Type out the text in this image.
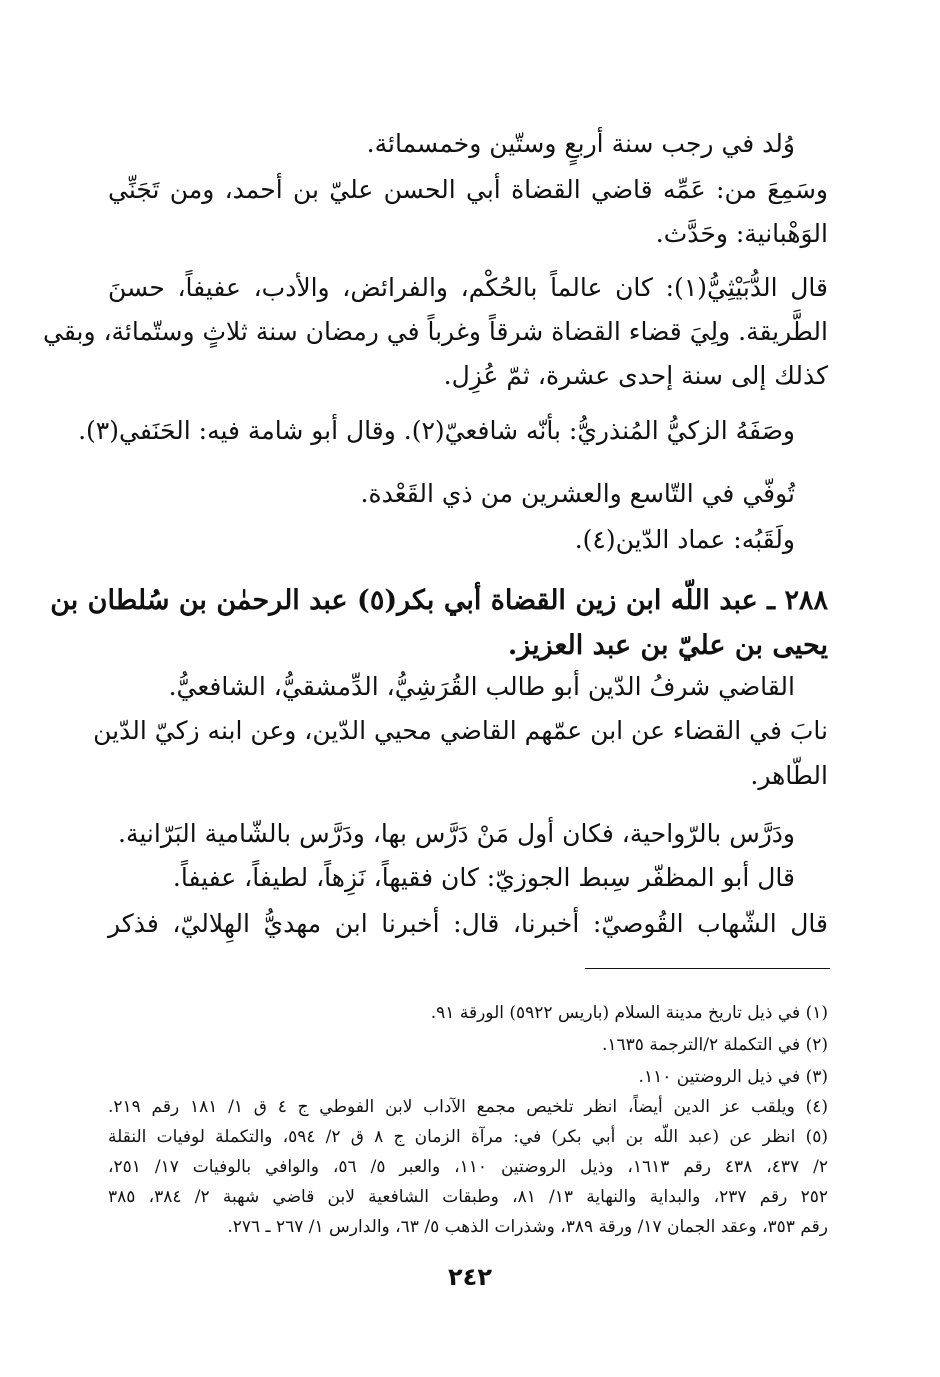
وُلد في رجب سنة أربعٍ وستّين وخمسمائة.
وسَمِعَ من: عَمِّه قاضي القضاة أبي الحسن عليّ بن أحمد، ومن تَجَنِّي
الوَهْبانية: وحَدَّث.
قال الدُّبَيْثِيُّ(١): كان عالماً بالحُكْم، والفرائض، والأدب، عفيفاً، حسنَ
الطَّريقة. ولِيَ قضاء القضاة شرقاً وغرباً في رمضان سنة ثلاثٍ وستّمائة، وبقي
كذلك إلى سنة إحدى عشرة، ثمّ عُزِل.
وصَفَهُ الزكيُّ المُنذريُّ: بأنّه شافعيّ(٢). وقال أبو شامة فيه: الحَنَفي(٣).
تُوفّي في التّاسع والعشرين من ذي القَعْدة.
ولَقَبُه: عماد الدّين(٤).
٢٨٨ ـ عبد اللّه ابن زين القضاة أبي بكر(٥) عبد الرحمٰن بن سُلطان بن
يحيى بن عليّ بن عبد العزيز.
القاضي شرفُ الدّين أبو طالب القُرَشِيُّ، الدِّمشقيُّ، الشافعيُّ.
نابَ في القضاء عن ابن عمّهم القاضي محيي الدّين، وعن ابنه زكيّ الدّين
الطّاهر.
ودَرَّس بالرّواحية، فكان أول مَنْ دَرَّس بها، ودَرَّس بالشّامية البَرّانية.
قال أبو المظفّر سِبط الجوزيّ: كان فقيهاً، نَزِهاً، لطيفاً، عفيفاً.
قال الشّهاب القُوصيّ: أخبرنا، قال: أخبرنا ابن مهديُّ الهِلاليّ، فذكر
(١) في ذيل تاريخ مدينة السلام (باريس ٥٩٢٢) الورقة ٩١.
(٢) في التكملة ٢/الترجمة ١٦٣٥.
(٣) في ذيل الروضتين ١١٠.
(٤) ويلقب عز الدين أيضاً، انظر تلخيص مجمع الآداب لابن الفوطي ج ٤ ق ١/ ١٨١ رقم ٢١٩.
(٥) انظر عن (عبد اللّه بن أبي بكر) في: مرآة الزمان ج ٨ ق ٢/ ٥٩٤، والتكملة لوفيات النقلة
٢/ ٤٣٧، ٤٣٨ رقم ١٦١٣، وذيل الروضتين ١١٠، والعبر ٥/ ٥٦، والوافي بالوفيات ١٧/ ٢٥١،
٢٥٢ رقم ٢٣٧، والبداية والنهاية ١٣/ ٨١، وطبقات الشافعية لابن قاضي شهبة ٢/ ٣٨٤، ٣٨٥
رقم ٣٥٣، وعقد الجمان ١٧/ ورقة ٣٨٩، وشذرات الذهب ٥/ ٦٣، والدارس ١/ ٢٦٧ ـ ٢٧٦.
٢٤٢
